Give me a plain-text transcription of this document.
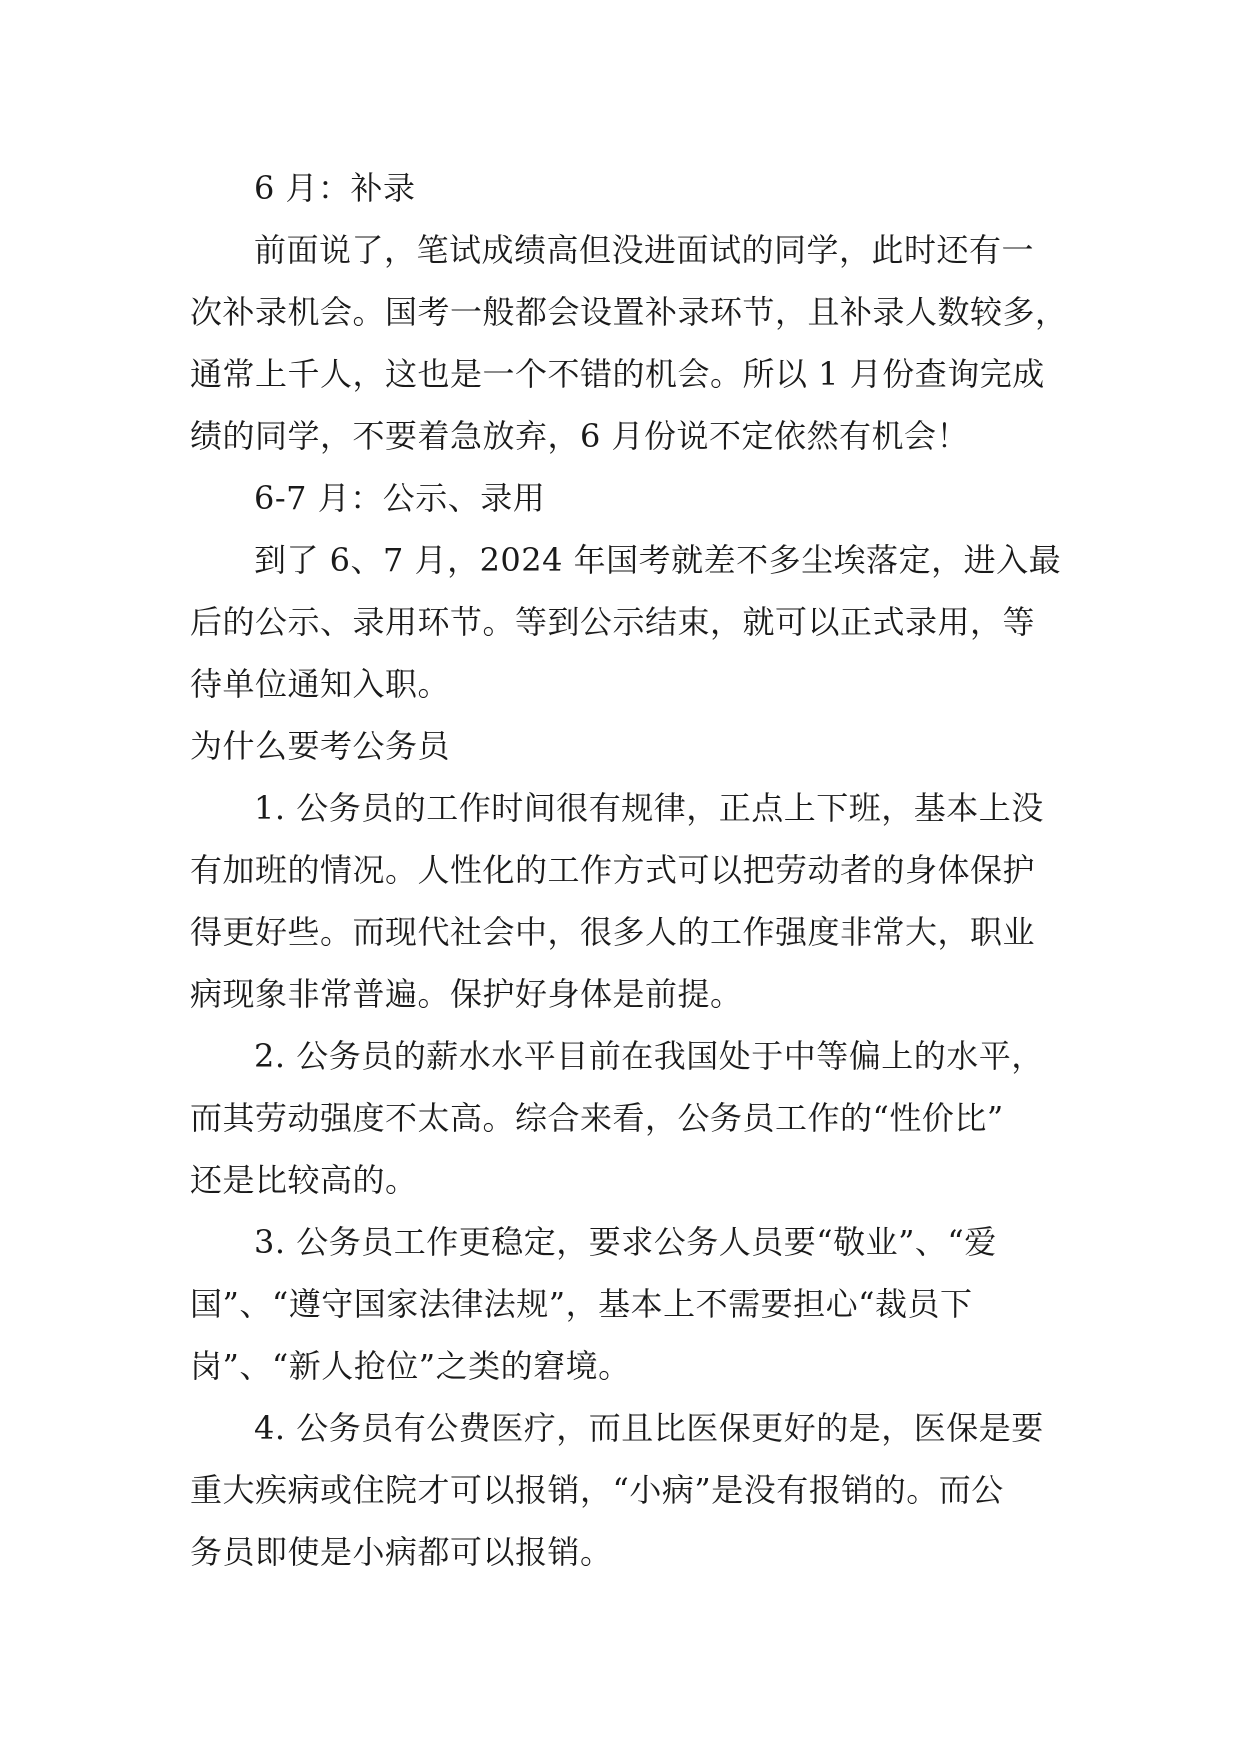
6 月：补录
前面说了，笔试成绩高但没进面试的同学，此时还有一
次补录机会。国考一般都会设置补录环节，且补录人数较多，
通常上千人，这也是一个不错的机会。所以 1 月份查询完成
绩的同学，不要着急放弃，6 月份说不定依然有机会！
6-7 月：公示、录用
到了 6、7 月，2024 年国考就差不多尘埃落定，进入最
后的公示、录用环节。等到公示结束，就可以正式录用，等
待单位通知入职。
为什么要考公务员
1. 公务员的工作时间很有规律，正点上下班，基本上没
有加班的情况。人性化的工作方式可以把劳动者的身体保护
得更好些。而现代社会中，很多人的工作强度非常大，职业
病现象非常普遍。保护好身体是前提。
2. 公务员的薪水水平目前在我国处于中等偏上的水平，
而其劳动强度不太高。综合来看，公务员工作的“性价比”
还是比较高的。
3. 公务员工作更稳定，要求公务人员要“敬业”、“爱
国”、“遵守国家法律法规”，基本上不需要担心“裁员下
岗”、“新人抢位”之类的窘境。
4. 公务员有公费医疗，而且比医保更好的是，医保是要
重大疾病或住院才可以报销，“小病”是没有报销的。而公
务员即使是小病都可以报销。
